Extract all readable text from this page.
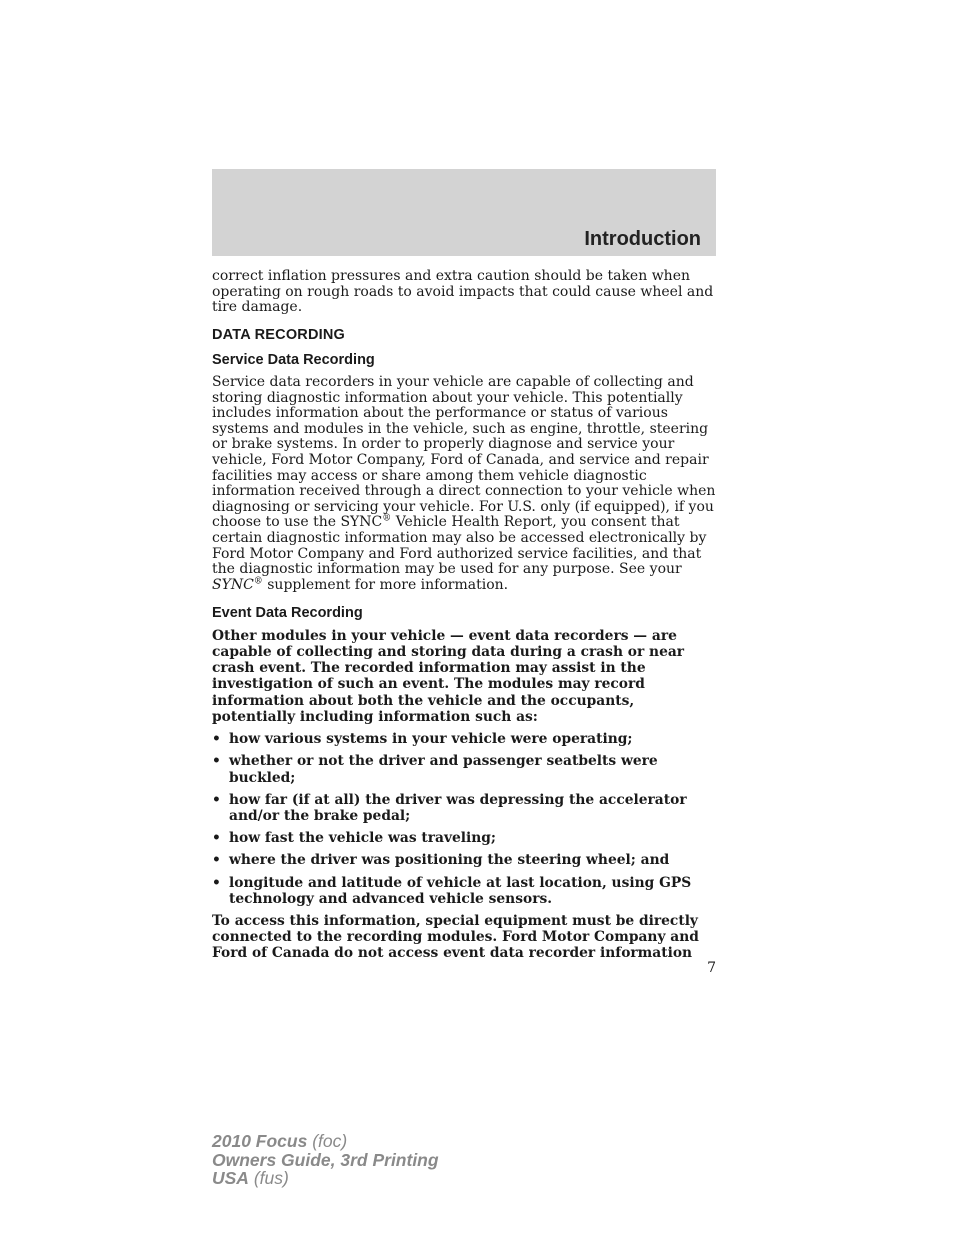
Introduction

correct inflation pressures and extra caution should be taken when operating on rough roads to avoid impacts that could cause wheel and tire damage.

DATA RECORDING
Service Data Recording

Service data recorders in your vehicle are capable of collecting and storing diagnostic information about your vehicle. This potentially includes information about the performance or status of various systems and modules in the vehicle, such as engine, throttle, steering or brake systems. In order to properly diagnose and service your vehicle, Ford Motor Company, Ford of Canada, and service and repair facilities may access or share among them vehicle diagnostic information received through a direct connection to your vehicle when diagnosing or servicing your vehicle. For U.S. only (if equipped), if you choose to use the SYNC® Vehicle Health Report, you consent that certain diagnostic information may also be accessed electronically by Ford Motor Company and Ford authorized service facilities, and that the diagnostic information may be used for any purpose. See your SYNC® supplement for more information.

Event Data Recording

Other modules in your vehicle — event data recorders — are capable of collecting and storing data during a crash or near crash event. The recorded information may assist in the investigation of such an event. The modules may record information about both the vehicle and the occupants, potentially including information such as:

• how various systems in your vehicle were operating;
• whether or not the driver and passenger seatbelts were buckled;
• how far (if at all) the driver was depressing the accelerator and/or the brake pedal;
• how fast the vehicle was traveling;
• where the driver was positioning the steering wheel; and
• longitude and latitude of vehicle at last location, using GPS technology and advanced vehicle sensors.

To access this information, special equipment must be directly connected to the recording modules. Ford Motor Company and Ford of Canada do not access event data recorder information

7
2010 Focus (foc)
Owners Guide, 3rd Printing
USA (fus)
